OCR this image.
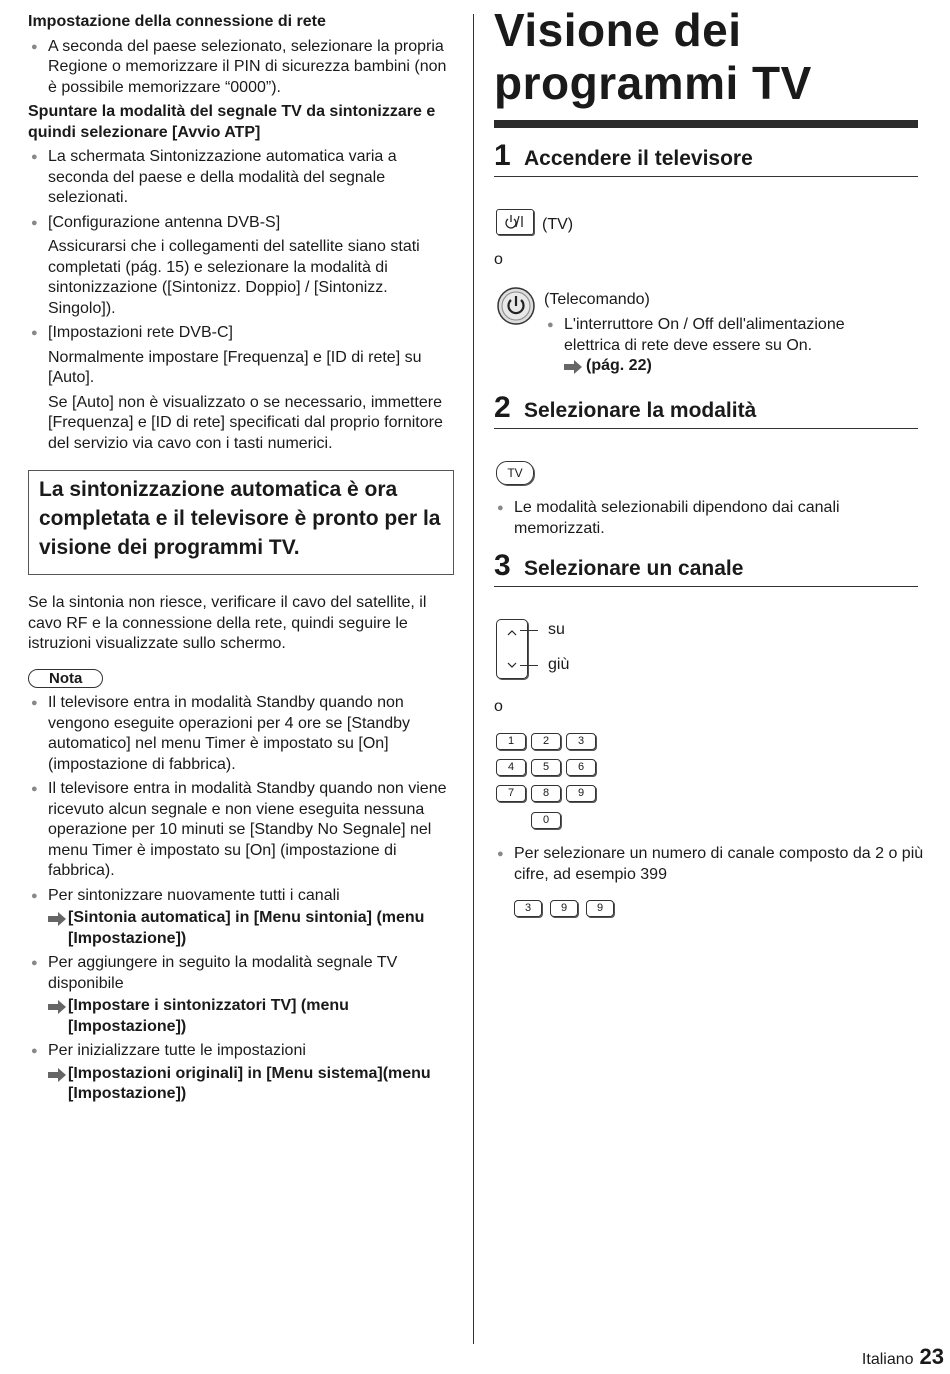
Impostazione della connessione di rete

● A seconda del paese selezionato, selezionare la propria Regione o memorizzare il PIN di sicurezza bambini (non è possibile memorizzare “0000”).

Spuntare la modalità del segnale TV da sintonizzare e quindi selezionare [Avvio ATP]

● La schermata Sintonizzazione automatica varia a seconda del paese e della modalità del segnale selezionati.

● [Configurazione antenna DVB-S]

Assicurarsi che i collegamenti del satellite siano stati completati (pág. 15) e selezionare la modalità di sintonizzazione ([Sintonizz. Doppio] / [Sintonizz. Singolo]).

● [Impostazioni rete DVB-C]

Normalmente impostare [Frequenza] e [ID di rete] su [Auto].

Se [Auto] non è visualizzato o se necessario, immettere [Frequenza] e [ID di rete] specificati dal proprio fornitore del servizio via cavo con i tasti numerici.

La sintonizzazione automatica è ora completata e il televisore è pronto per la visione dei programmi TV.

Se la sintonia non riesce, verificare il cavo del satellite, il cavo RF e la connessione della rete, quindi seguire le istruzioni visualizzate sullo schermo.

Nota

● Il televisore entra in modalità Standby quando non vengono eseguite operazioni per 4 ore se [Standby automatico] nel menu Timer è impostato su [On] (impostazione di fabbrica).

● Il televisore entra in modalità Standby quando non viene ricevuto alcun segnale e non viene eseguita nessuna operazione per 10 minuti se [Standby No Segnale] nel menu Timer è impostato su [On] (impostazione di fabbrica).

● Per sintonizzare nuovamente tutti i canali

[Sintonia automatica] in [Menu sintonia] (menu [Impostazione])

● Per aggiungere in seguito la modalità segnale TV disponibile

[Impostare i sintonizzatori TV] (menu [Impostazione])

● Per inizializzare tutte le impostazioni

[Impostazioni originali] in [Menu sistema](menu [Impostazione])
Visione dei programmi TV
1 Accendere il televisore
(TV)
o
(Telecomando)

● L'interruttore On / Off dell'alimentazione elettrica di rete deve essere su On.

(pág. 22)
2 Selezionare la modalità
TV

● Le modalità selezionabili dipendono dai canali memorizzati.

3 Selezionare un canale
su
giù
o
1	2	3
4	5	6
7	8	9
0

● Per selezionare un numero di canale composto da 2 o più cifre, ad esempio 399

3	9	9
Italiano 23
